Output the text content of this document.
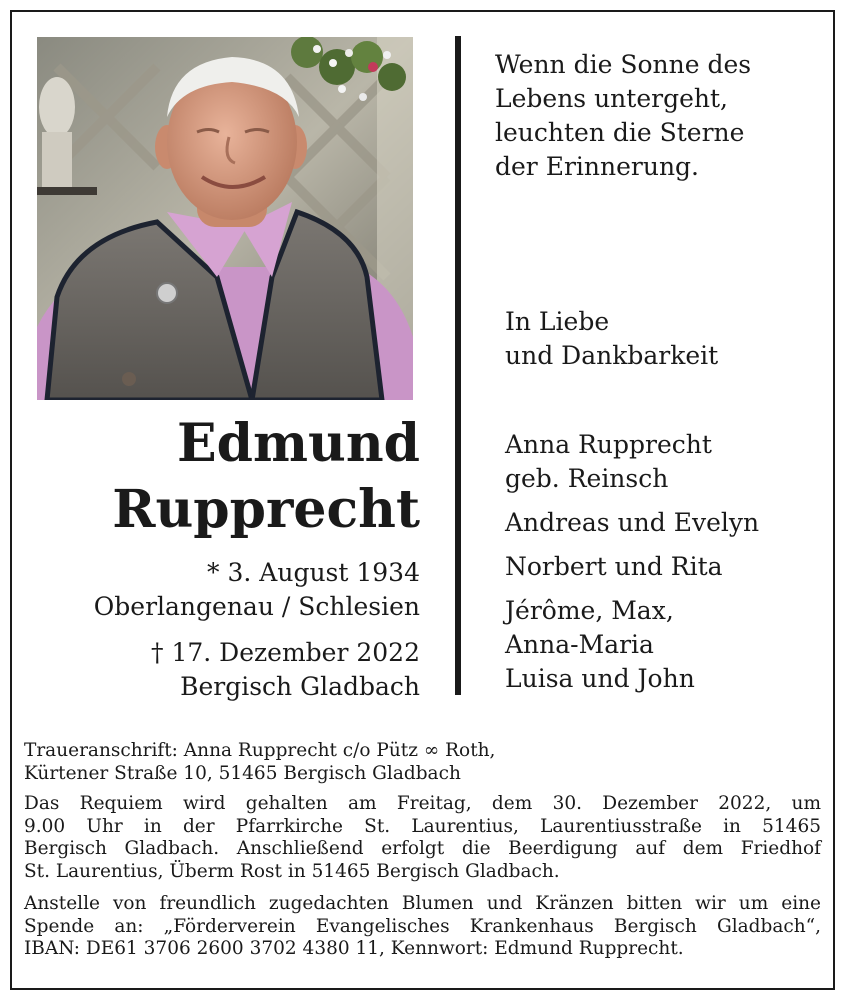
Wenn die Sonne des
Lebens untergeht,
leuchten die Sterne
der Erinnerung.
In Liebe
und Dankbarkeit
Edmund
Rupprecht
* 3. August 1934
Oberlangenau / Schlesien
† 17. Dezember 2022
Bergisch Gladbach
Anna Rupprecht
geb. Reinsch
Andreas und Evelyn
Norbert und Rita
Jérôme, Max,
Anna-Maria
Luisa und John
Traueranschrift: Anna Rupprecht c/o Pütz ∞ Roth,
Kürtener Straße 10, 51465 Bergisch Gladbach
Das Requiem wird gehalten am Freitag, dem 30. Dezember 2022, um
9.00 Uhr in der Pfarrkirche St. Laurentius, Laurentiusstraße in 51465
Bergisch Gladbach. Anschließend erfolgt die Beerdigung auf dem Friedhof
St. Laurentius, Überm Rost in 51465 Bergisch Gladbach.
Anstelle von freundlich zugedachten Blumen und Kränzen bitten wir um eine
Spende an: „Förderverein Evangelisches Krankenhaus Bergisch Gladbach“,
IBAN: DE61 3706 2600 3702 4380 11, Kennwort: Edmund Rupprecht.
